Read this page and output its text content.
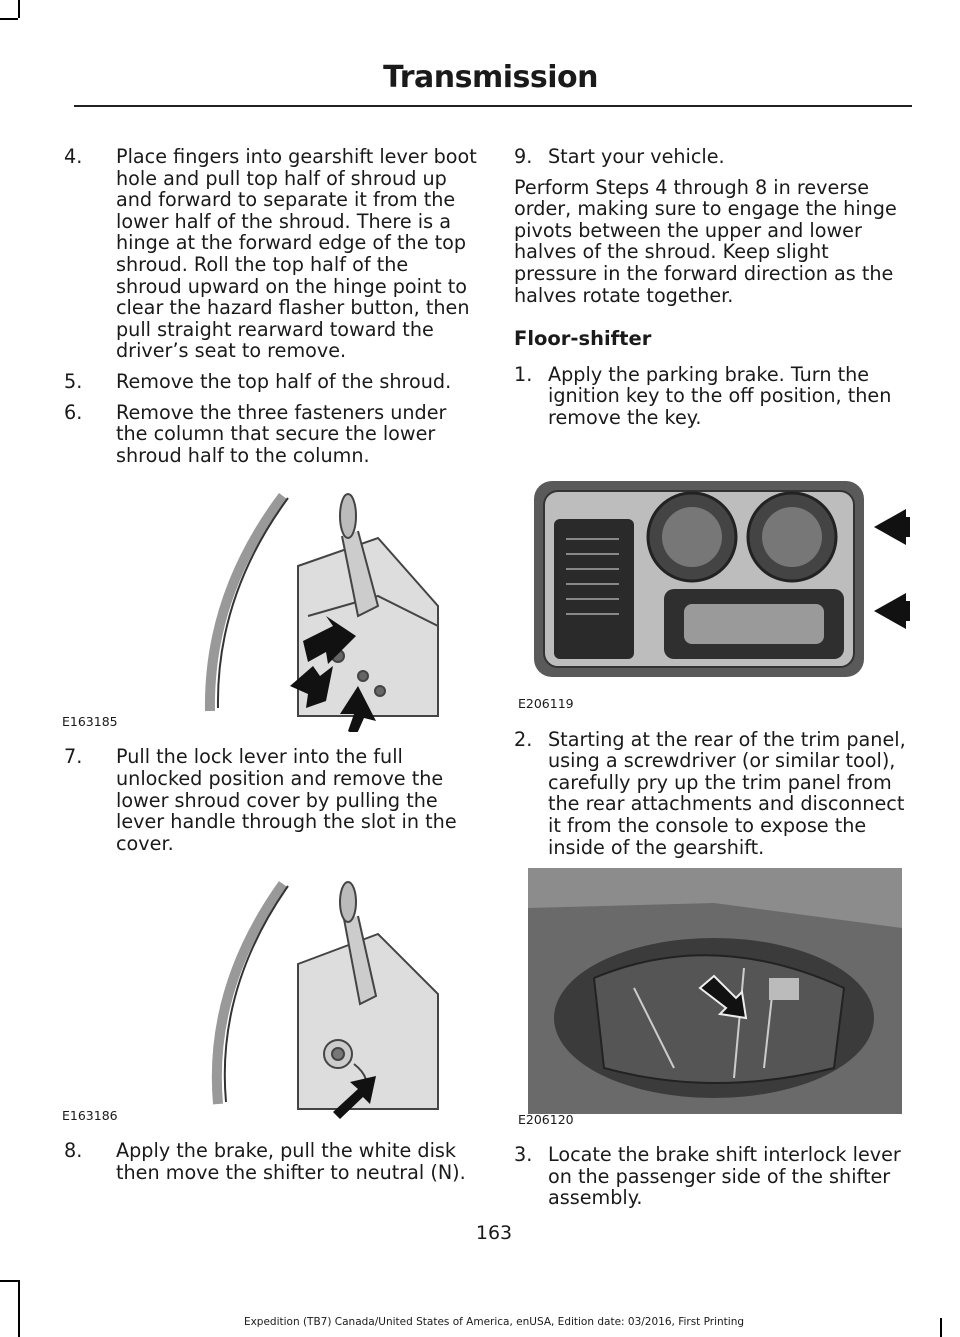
Transmission
4. Place fingers into gearshift lever boot hole and pull top half of shroud up and forward to separate it from the lower half of the shroud. There is a hinge at the forward edge of the top shroud. Roll the top half of the shroud upward on the hinge point to clear the hazard flasher button, then pull straight rearward toward the driver’s seat to remove.
5. Remove the top half of the shroud.
6. Remove the three fasteners under the column that secure the lower shroud half to the column.
E163185
7. Pull the lock lever into the full unlocked position and remove the lower shroud cover by pulling the lever handle through the slot in the cover.
E163186
8. Apply the brake, pull the white disk then move the shifter to neutral (N).
9. Start your vehicle.

Perform Steps 4 through 8 in reverse order, making sure to engage the hinge pivots between the upper and lower halves of the shroud. Keep slight pressure in the forward direction as the halves rotate together.

Floor-shifter
1. Apply the parking brake. Turn the ignition key to the off position, then remove the key.
E206119
2. Starting at the rear of the trim panel, using a screwdriver (or similar tool), carefully pry up the trim panel from the rear attachments and disconnect it from the console to expose the inside of the gearshift.
E206120
3. Locate the brake shift interlock lever on the passenger side of the shifter assembly.
163
Expedition (TB7) Canada/United States of America, enUSA, Edition date: 03/2016, First Printing
